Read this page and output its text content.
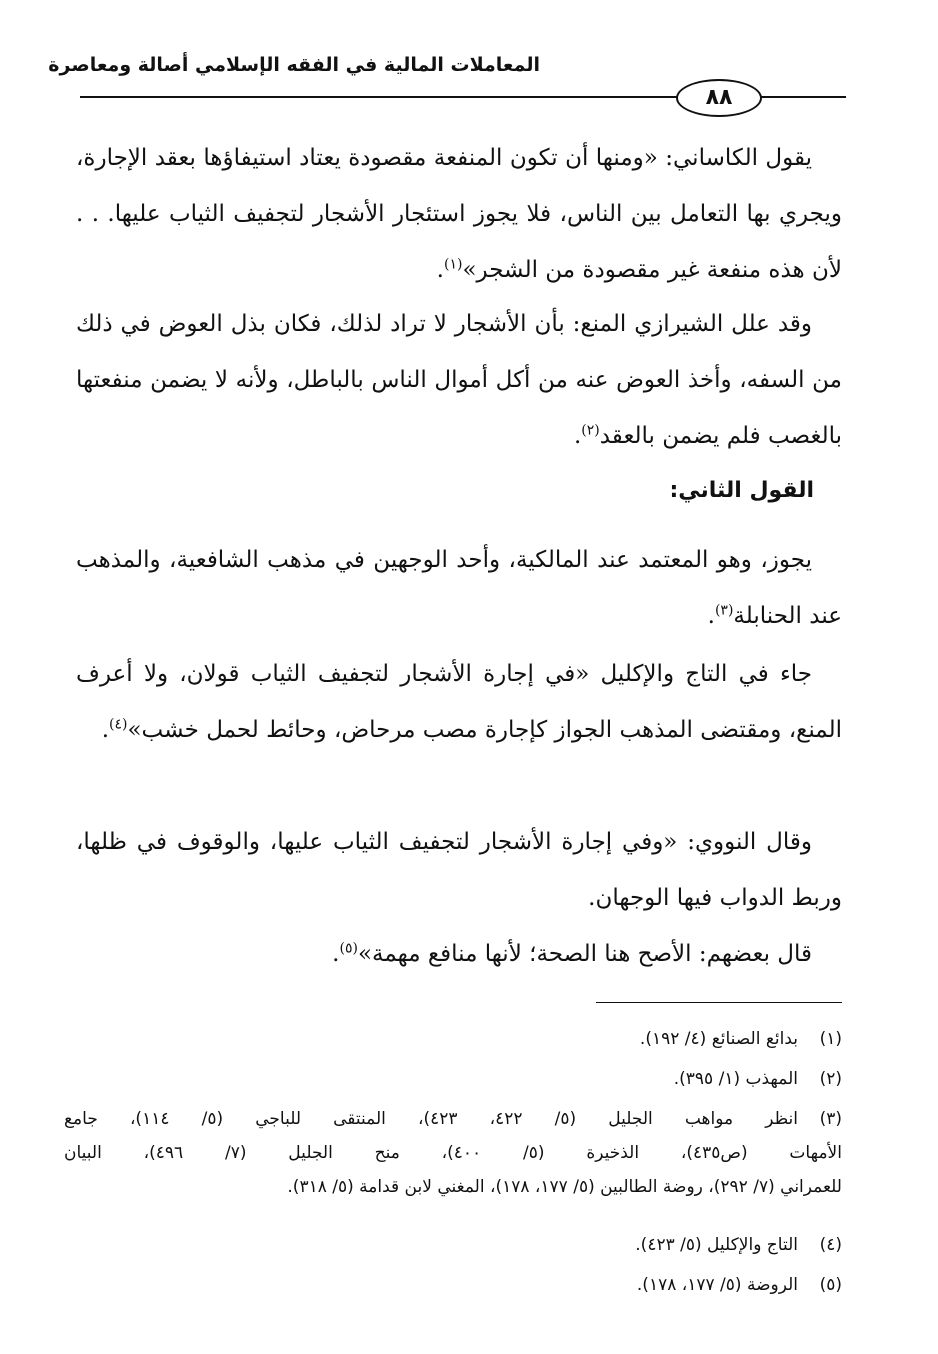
المعاملات المالية في الفقه الإسلامي أصالة ومعاصرة
٨٨
يقول الكاساني: «ومنها أن تكون المنفعة مقصودة يعتاد استيفاؤها بعقد الإجارة، ويجري بها التعامل بين الناس، فلا يجوز استئجار الأشجار لتجفيف الثياب عليها. . . لأن هذه منفعة غير مقصودة من الشجر»$^{(١)}$.
وقد علل الشيرازي المنع: بأن الأشجار لا تراد لذلك، فكان بذل العوض في ذلك من السفه، وأخذ العوض عنه من أكل أموال الناس بالباطل، ولأنه لا يضمن منفعتها بالغصب فلم يضمن بالعقد$^{(٢)}$.
القول الثاني:
يجوز، وهو المعتمد عند المالكية، وأحد الوجهين في مذهب الشافعية، والمذهب عند الحنابلة$^{(٣)}$.
جاء في التاج والإكليل «في إجارة الأشجار لتجفيف الثياب قولان، ولا أعرف المنع، ومقتضى المذهب الجواز كإجارة مصب مرحاض، وحائط لحمل خشب»$^{(٤)}$.
وقال النووي: «وفي إجارة الأشجار لتجفيف الثياب عليها، والوقوف في ظلها، وربط الدواب فيها الوجهان.
قال بعضهم: الأصح هنا الصحة؛ لأنها منافع مهمة»$^{(٥)}$.
(١)بدائع الصنائع (٤/ ١٩٢).
(٢)المهذب (١/ ٣٩٥).
(٣)انظر مواهب الجليل (٥/ ٤٢٢، ٤٢٣)، المنتقى للباجي (٥/ ١١٤)، جامع
الأمهات (ص٤٣٥)، الذخيرة (٥/ ٤٠٠)، منح الجليل (٧/ ٤٩٦)، البيان
للعمراني (٧/ ٢٩٢)، روضة الطالبين (٥/ ١٧٧، ١٧٨)، المغني لابن قدامة (٥/ ٣١٨).
(٤)التاج والإكليل (٥/ ٤٢٣).
(٥)الروضة (٥/ ١٧٧، ١٧٨).
